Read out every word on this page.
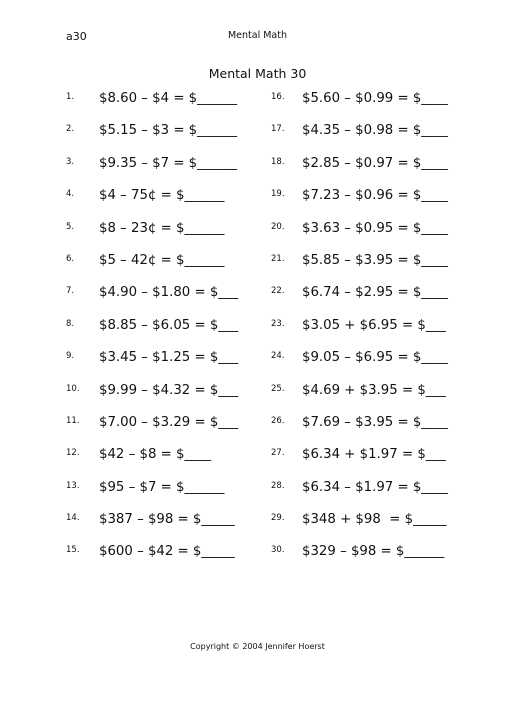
a30	Mental Math
Mental Math 30
1. $8.60 – $4 = $______
2. $5.15 – $3 = $______
3. $9.35 – $7 = $______
4. $4 – 75¢ = $______
5. $8 – 23¢ = $______
6. $5 – 42¢ = $______
7. $4.90 – $1.80 = $___
8. $8.85 – $6.05 = $___
9. $3.45 – $1.25 = $___
10. $9.99 – $4.32 = $___
11. $7.00 – $3.29 = $___
12. $42 – $8 = $____
13. $95 – $7 = $______
14. $387 – $98 = $_____
15. $600 – $42 = $_____
16. $5.60 – $0.99 = $____
17. $4.35 – $0.98 = $____
18. $2.85 – $0.97 = $____
19. $7.23 – $0.96 = $____
20. $3.63 – $0.95 = $____
21. $5.85 – $3.95 = $____
22. $6.74 – $2.95 = $____
23. $3.05 + $6.95 = $___
24. $9.05 – $6.95 = $____
25. $4.69 + $3.95 = $___
26. $7.69 – $3.95 = $____
27. $6.34 + $1.97 = $___
28. $6.34 – $1.97 = $____
29. $348 + $98  = $_____
30. $329 – $98 = $______
Copyright © 2004 Jennifer Hoerst
